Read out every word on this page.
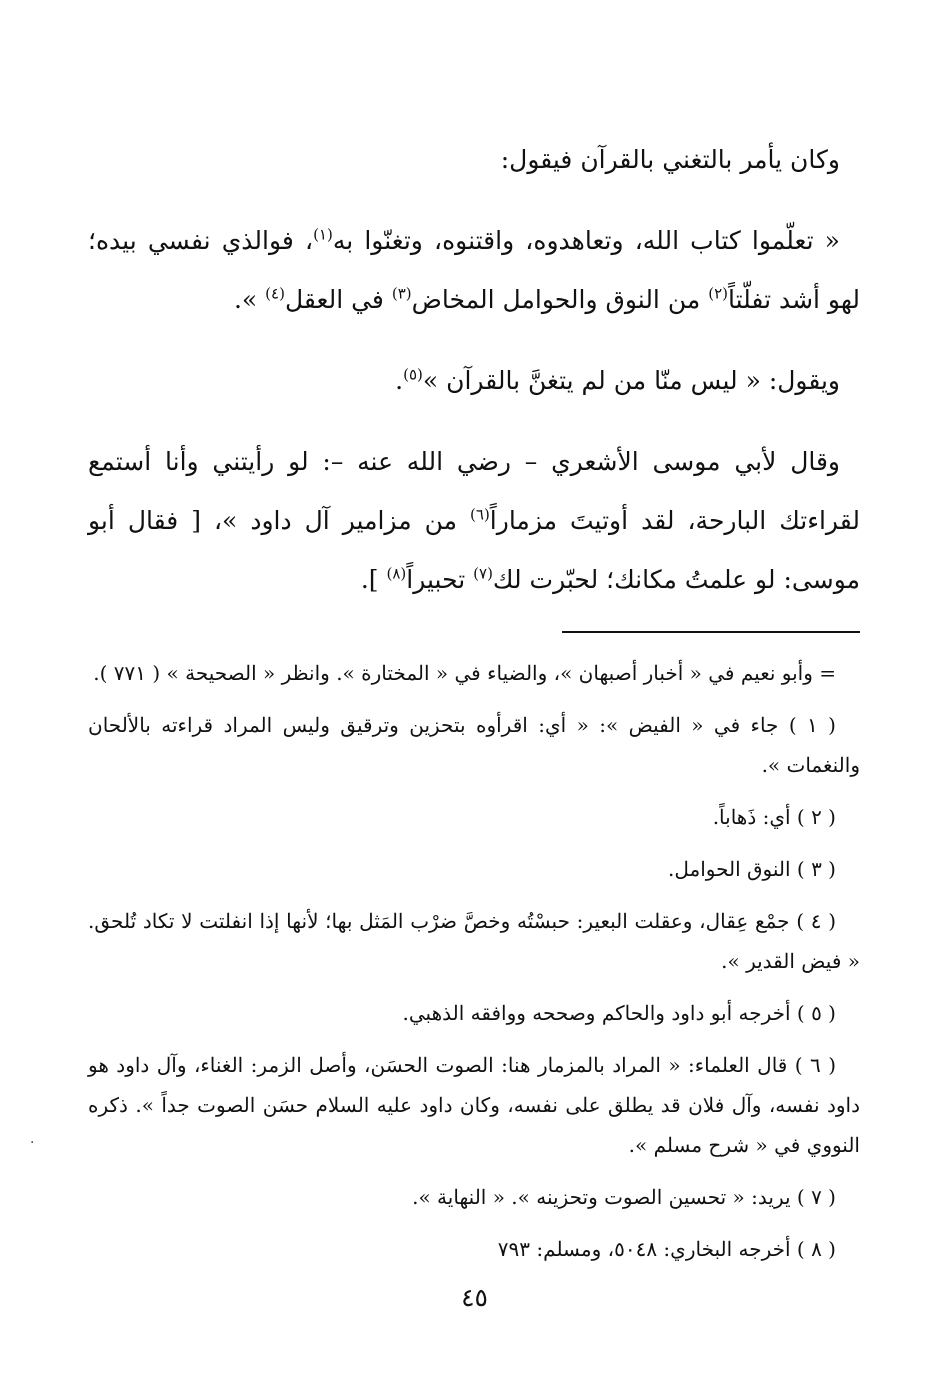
وكان يأمر بالتغني بالقرآن فيقول:

« تعلّموا كتاب الله، وتعاهدوه، واقتنوه، وتغنّوا به$^{(١)}$، فوالذي نفسي بيده؛ لهو أشد تفلّتاً$^{(٢)}$ من النوق والحوامل المخاض$^{(٣)}$ في العقل$^{(٤)}$ ».

ويقول: « ليس منّا من لم يتغنَّ بالقرآن »$^{(٥)}$.

وقال لأبي موسى الأشعري – رضي الله عنه –: لو رأيتني وأنا أستمع لقراءتك البارحة، لقد أوتيتَ مزماراً$^{(٦)}$ من مزامير آل داود »، [ فقال أبو موسى: لو علمتُ مكانك؛ لحبّرت لك$^{(٧)}$ تحبيراً$^{(٨)}$ ].

= وأبو نعيم في « أخبار أصبهان »، والضياء في « المختارة ». وانظر « الصحيحة » ( ٧٧١ ).

( ١ ) جاء في « الفيض »: « أي: اقرأوه بتحزين وترقيق وليس المراد قراءته بالألحان والنغمات ».

( ٢ ) أي: ذَهاباً.

( ٣ ) النوق الحوامل.

( ٤ ) جمْع عِقال، وعقلت البعير: حبسْتُه وخصَّ ضرْب المَثل بها؛ لأنها إذا انفلتت لا تكاد تُلحق. « فيض القدير ».

( ٥ ) أخرجه أبو داود والحاكم وصححه ووافقه الذهبي.

( ٦ ) قال العلماء: « المراد بالمزمار هنا: الصوت الحسَن، وأصل الزمر: الغناء، وآل داود هو داود نفسه، وآل فلان قد يطلق على نفسه، وكان داود عليه السلام حسَن الصوت جداً ». ذكره النووي في « شرح مسلم ».

( ٧ ) يريد: « تحسين الصوت وتحزينه ». « النهاية ».

( ٨ ) أخرجه البخاري: ٥٠٤٨، ومسلم: ٧٩٣

٤٥
·
